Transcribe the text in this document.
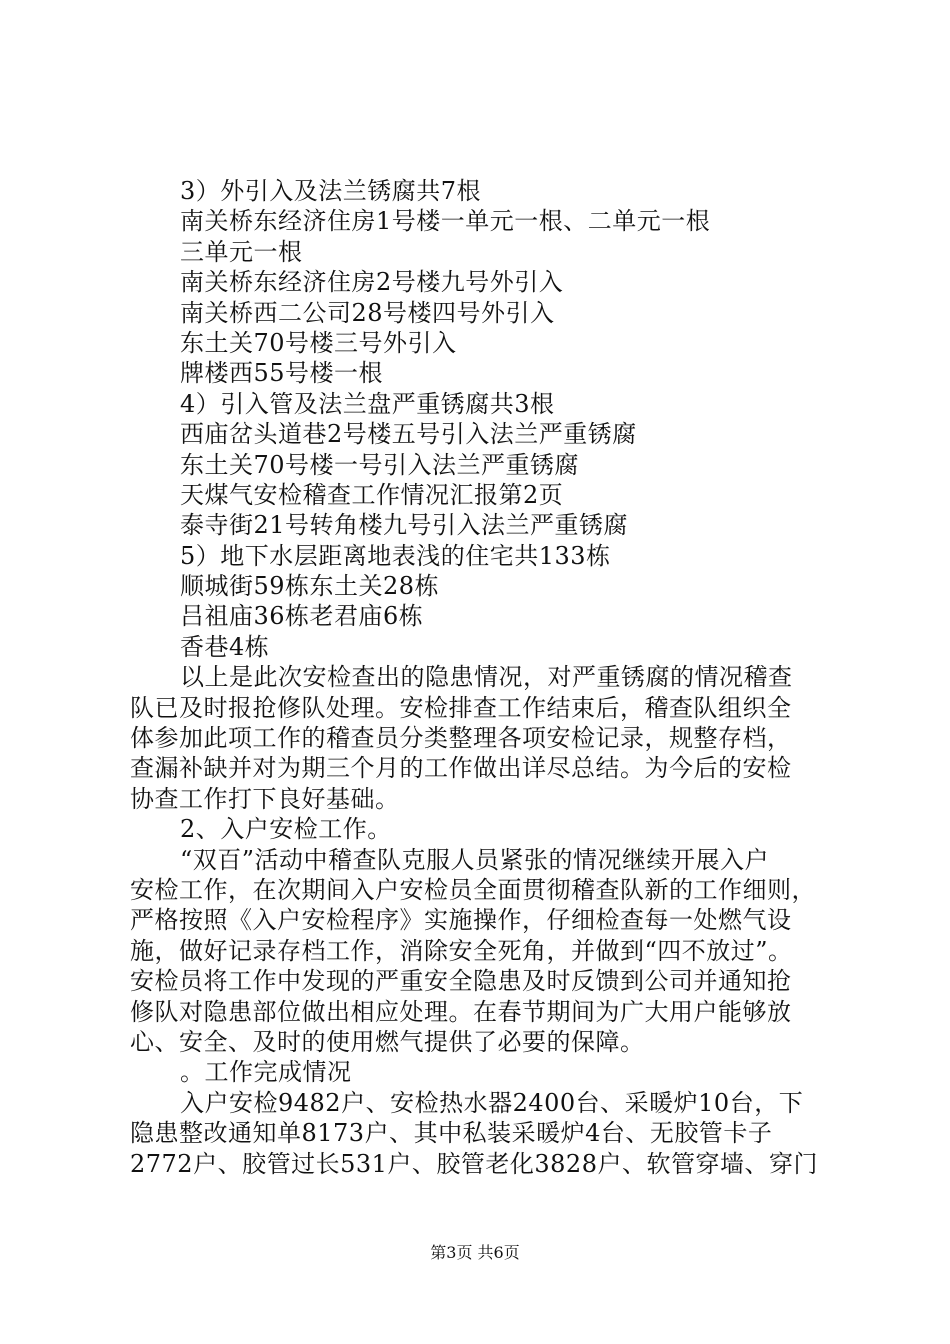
3）外引入及法兰锈腐共7根
南关桥东经济住房1号楼一单元一根、二单元一根
三单元一根
南关桥东经济住房2号楼九号外引入
南关桥西二公司28号楼四号外引入
东土关70号楼三号外引入
牌楼西55号楼一根
4）引入管及法兰盘严重锈腐共3根
西庙岔头道巷2号楼五号引入法兰严重锈腐
东土关70号楼一号引入法兰严重锈腐
天煤气安检稽查工作情况汇报第2页
泰寺街21号转角楼九号引入法兰严重锈腐
5）地下水层距离地表浅的住宅共133栋
顺城街59栋东土关28栋
吕祖庙36栋老君庙6栋
香巷4栋
以上是此次安检查出的隐患情况，对严重锈腐的情况稽查
队已及时报抢修队处理。安检排查工作结束后，稽查队组织全
体参加此项工作的稽查员分类整理各项安检记录，规整存档，
查漏补缺并对为期三个月的工作做出详尽总结。为今后的安检
协查工作打下良好基础。
2、入户安检工作。
“双百”活动中稽查队克服人员紧张的情况继续开展入户
安检工作，在次期间入户安检员全面贯彻稽查队新的工作细则，
严格按照《入户安检程序》实施操作，仔细检查每一处燃气设
施，做好记录存档工作，消除安全死角，并做到“四不放过”。
安检员将工作中发现的严重安全隐患及时反馈到公司并通知抢
修队对隐患部位做出相应处理。在春节期间为广大用户能够放
心、安全、及时的使用燃气提供了必要的保障。
。工作完成情况
入户安检9482户、安检热水器2400台、采暖炉10台，下
隐患整改通知单8173户、其中私装采暖炉4台、无胶管卡子
2772户、胶管过长531户、胶管老化3828户、软管穿墙、穿门
第3页 共6页
